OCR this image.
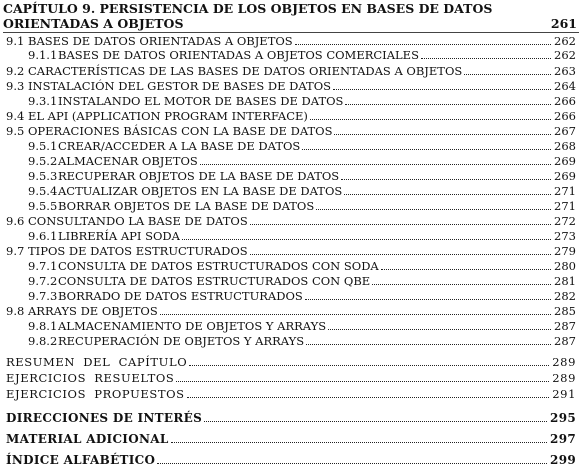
CAPÍTULO 9. PERSISTENCIA DE LOS OBJETOS EN BASES DE DATOS ORIENTADAS A OBJETOS	261
9.1 BASES DE DATOS ORIENTADAS A OBJETOS	262
9.1.1 BASES DE DATOS ORIENTADAS A OBJETOS COMERCIALES	262
9.2 CARACTERÍSTICAS DE LAS BASES DE DATOS ORIENTADAS A OBJETOS	263
9.3 INSTALACIÓN DEL GESTOR DE BASES DE DATOS	264
9.3.1 INSTALANDO EL MOTOR DE BASES DE DATOS	266
9.4 EL API (APPLICATION PROGRAM INTERFACE)	266
9.5 OPERACIONES BÁSICAS CON LA BASE DE DATOS	267
9.5.1 CREAR/ACCEDER A LA BASE DE DATOS	268
9.5.2 ALMACENAR OBJETOS	269
9.5.3 RECUPERAR OBJETOS DE LA BASE DE DATOS	269
9.5.4 ACTUALIZAR OBJETOS EN LA BASE DE DATOS	271
9.5.5 BORRAR OBJETOS DE LA BASE DE DATOS	271
9.6 CONSULTANDO LA BASE DE DATOS	272
9.6.1 LIBRERÍA API SODA	273
9.7 TIPOS DE DATOS ESTRUCTURADOS	279
9.7.1 CONSULTA DE DATOS ESTRUCTURADOS CON SODA	280
9.7.2 CONSULTA DE DATOS ESTRUCTURADOS CON QBE	281
9.7.3 BORRADO DE DATOS ESTRUCTURADOS	282
9.8 ARRAYS DE OBJETOS	285
9.8.1 ALMACENAMIENTO DE OBJETOS Y ARRAYS	287
9.8.2 RECUPERACIÓN DE OBJETOS Y ARRAYS	287
RESUMEN DEL CAPÍTULO	289
EJERCICIOS RESUELTOS	289
EJERCICIOS PROPUESTOS	291
DIRECCIONES DE INTERÉS	295
MATERIAL ADICIONAL	297
ÍNDICE ALFABÉTICO	299
